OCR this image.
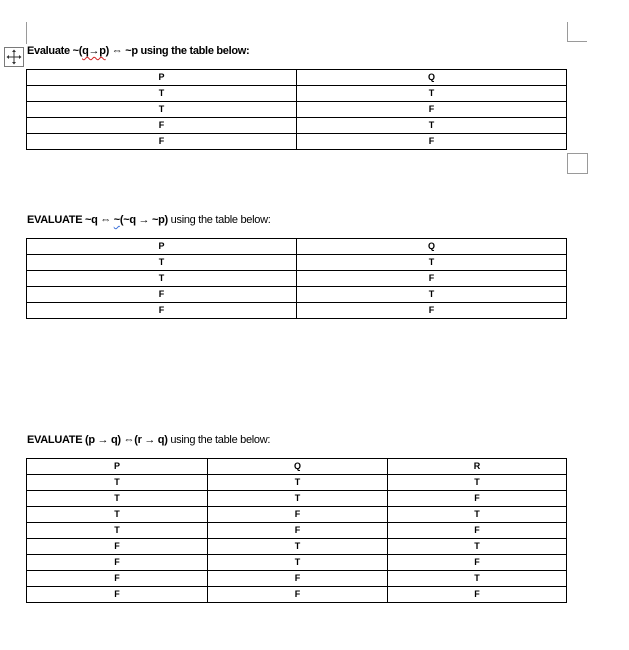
Evaluate ~(q→p) ⇔ ~p using the table below:
P	Q
T	T
T	F
F	T
F	F
EVALUATE ~q ⇔ ~(~q → ~p) using the table below:
P	Q
T	T
T	F
F	T
F	F
EVALUATE (p → q) ⇔(r → q) using the table below:
P	Q	R
T	T	T
T	T	F
T	F	T
T	F	F
F	T	T
F	T	F
F	F	T
F	F	F
